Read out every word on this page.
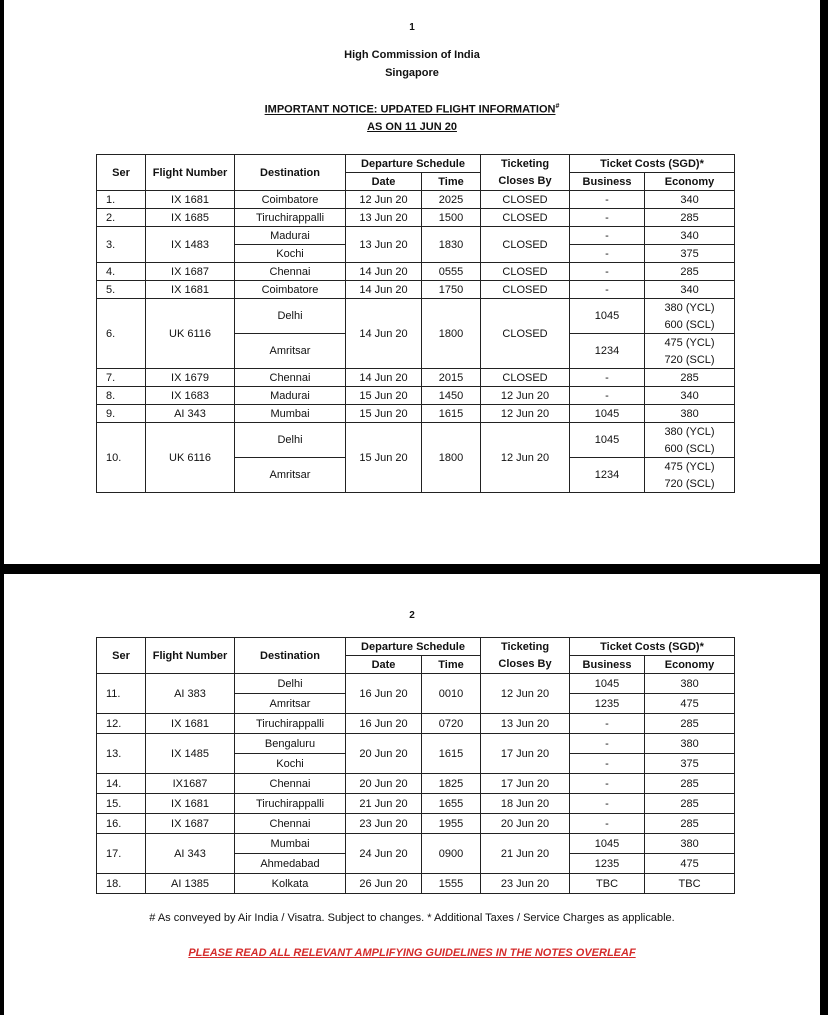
1
High Commission of India
Singapore
IMPORTANT NOTICE: UPDATED FLIGHT INFORMATION#
AS ON 11 JUN 20
Ser	Flight Number	Destination	Departure Schedule		Ticketing	Ticket Costs (SGD)*	
			Date	Time	Closes By	Business	Economy
1.	IX 1681	Coimbatore	12 Jun 20	2025	CLOSED	-	340
2.	IX 1685	Tiruchirappalli	13 Jun 20	1500	CLOSED	-	285
3.	IX 1483	Madurai	13 Jun 20	1830	CLOSED	-	340
		Kochi				-	375
4.	IX 1687	Chennai	14 Jun 20	0555	CLOSED	-	285
5.	IX 1681	Coimbatore	14 Jun 20	1750	CLOSED	-	340
6.	UK 6116	Delhi	14 Jun 20	1800	CLOSED	1045	380 (YCL)
							600 (SCL)
		Amritsar				1234	475 (YCL)
							720 (SCL)
7.	IX 1679	Chennai	14 Jun 20	2015	CLOSED	-	285
8.	IX 1683	Madurai	15 Jun 20	1450	12 Jun 20	-	340
9.	AI 343	Mumbai	15 Jun 20	1615	12 Jun 20	1045	380
10.	UK 6116	Delhi	15 Jun 20	1800	12 Jun 20	1045	380 (YCL)
							600 (SCL)
		Amritsar				1234	475 (YCL)
							720 (SCL)
2
Ser	Flight Number	Destination	Departure Schedule		Ticketing	Ticket Costs (SGD)*	
			Date	Time	Closes By	Business	Economy
11.	AI 383	Delhi	16 Jun 20	0010	12 Jun 20	1045	380
		Amritsar				1235	475
12.	IX 1681	Tiruchirappalli	16 Jun 20	0720	13 Jun 20	-	285
13.	IX 1485	Bengaluru	20 Jun 20	1615	17 Jun 20	-	380
		Kochi				-	375
14.	IX1687	Chennai	20 Jun 20	1825	17 Jun 20	-	285
15.	IX 1681	Tiruchirappalli	21 Jun 20	1655	18 Jun 20	-	285
16.	IX 1687	Chennai	23 Jun 20	1955	20 Jun 20	-	285
17.	AI 343	Mumbai	24 Jun 20	0900	21 Jun 20	1045	380
		Ahmedabad				1235	475
18.	AI 1385	Kolkata	26 Jun 20	1555	23 Jun 20	TBC	TBC
# As conveyed by Air India / Visatra. Subject to changes. * Additional Taxes / Service Charges as applicable.
PLEASE READ ALL RELEVANT AMPLIFYING GUIDELINES IN THE NOTES OVERLEAF
